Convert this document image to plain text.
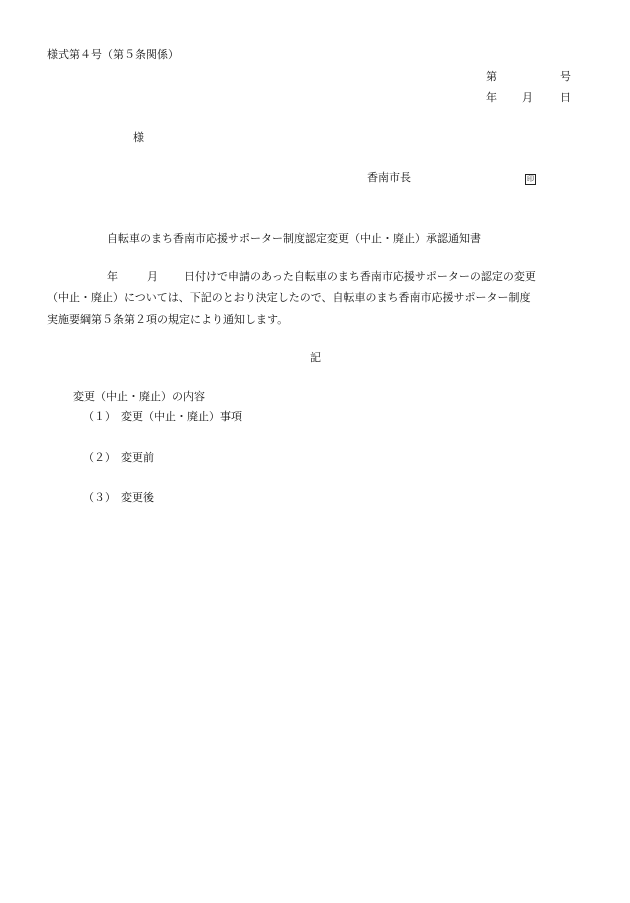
様式第４号（第５条関係）
第	号
年 月 日
様
香南市長	印
自転車のまち香南市応援サポーター制度認定変更（中止・廃止）承認通知書
年	月 日付けで申請のあった自転車のまち香南市応援サポーターの認定の変更
（中止・廃止）については、下記のとおり決定したので、自転車のまち香南市応援サポーター制度
実施要綱第５条第２項の規定により通知します。
記
変更（中止・廃止）の内容
（１） 変更（中止・廃止）事項
（２） 変更前
（３） 変更後
